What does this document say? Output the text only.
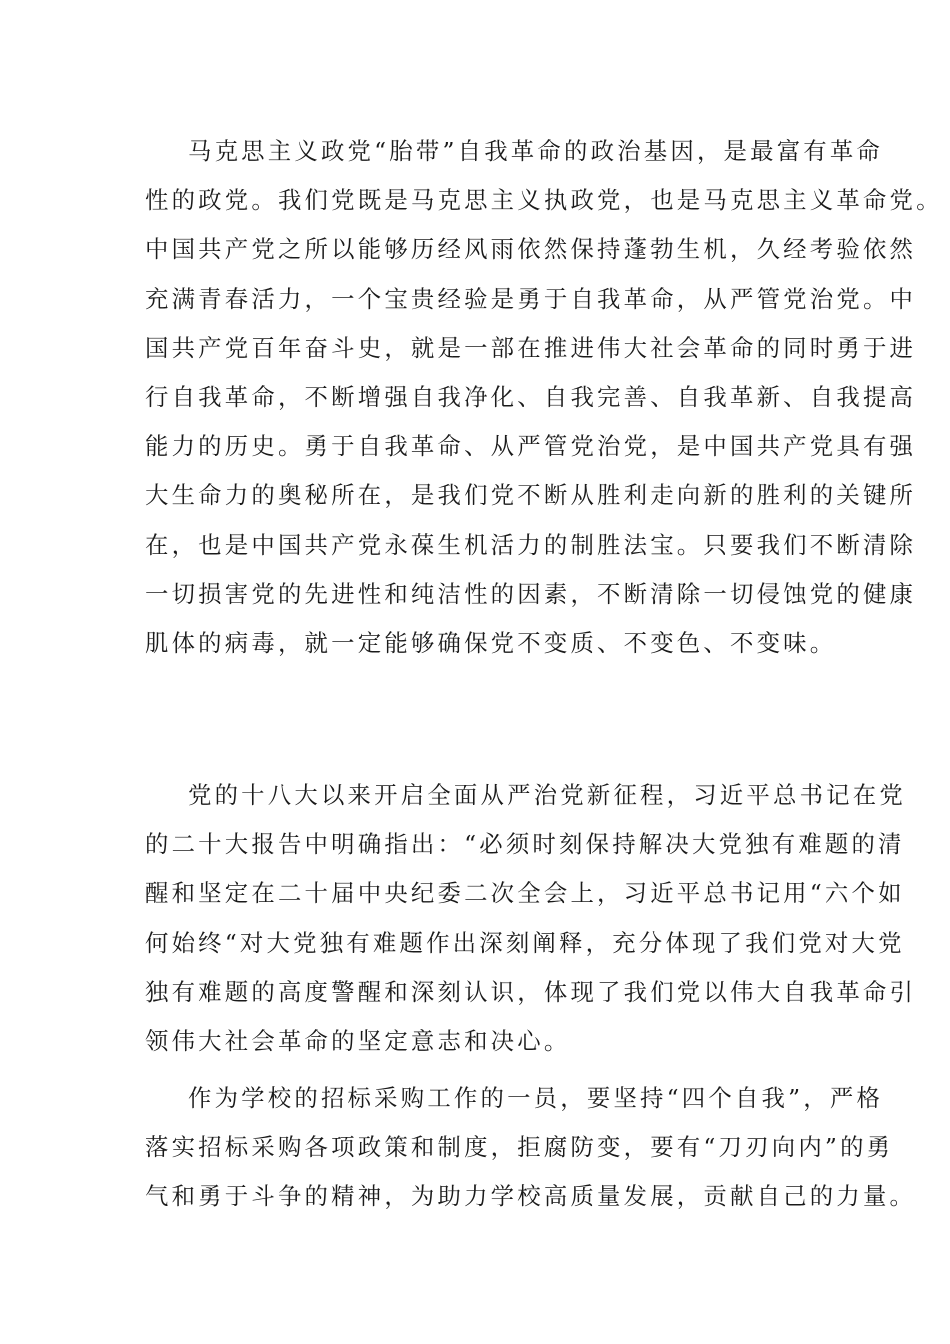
马克思主义政党“胎带”自我革命的政治基因，是最富有革命
性的政党。我们党既是马克思主义执政党，也是马克思主义革命党。
中国共产党之所以能够历经风雨依然保持蓬勃生机，久经考验依然
充满青春活力，一个宝贵经验是勇于自我革命，从严管党治党。中
国共产党百年奋斗史，就是一部在推进伟大社会革命的同时勇于进
行自我革命，不断增强自我净化、自我完善、自我革新、自我提高
能力的历史。勇于自我革命、从严管党治党，是中国共产党具有强
大生命力的奥秘所在，是我们党不断从胜利走向新的胜利的关键所
在，也是中国共产党永葆生机活力的制胜法宝。只要我们不断清除
一切损害党的先进性和纯洁性的因素，不断清除一切侵蚀党的健康
肌体的病毒，就一定能够确保党不变质、不变色、不变味。
党的十八大以来开启全面从严治党新征程，习近平总书记在党
的二十大报告中明确指出：“必须时刻保持解决大党独有难题的清
醒和坚定在二十届中央纪委二次全会上，习近平总书记用“六个如
何始终“对大党独有难题作出深刻阐释，充分体现了我们党对大党
独有难题的高度警醒和深刻认识，体现了我们党以伟大自我革命引
领伟大社会革命的坚定意志和决心。
作为学校的招标采购工作的一员，要坚持“四个自我”，严格
落实招标采购各项政策和制度，拒腐防变，要有“刀刃向内”的勇
气和勇于斗争的精神，为助力学校高质量发展，贡献自己的力量。
